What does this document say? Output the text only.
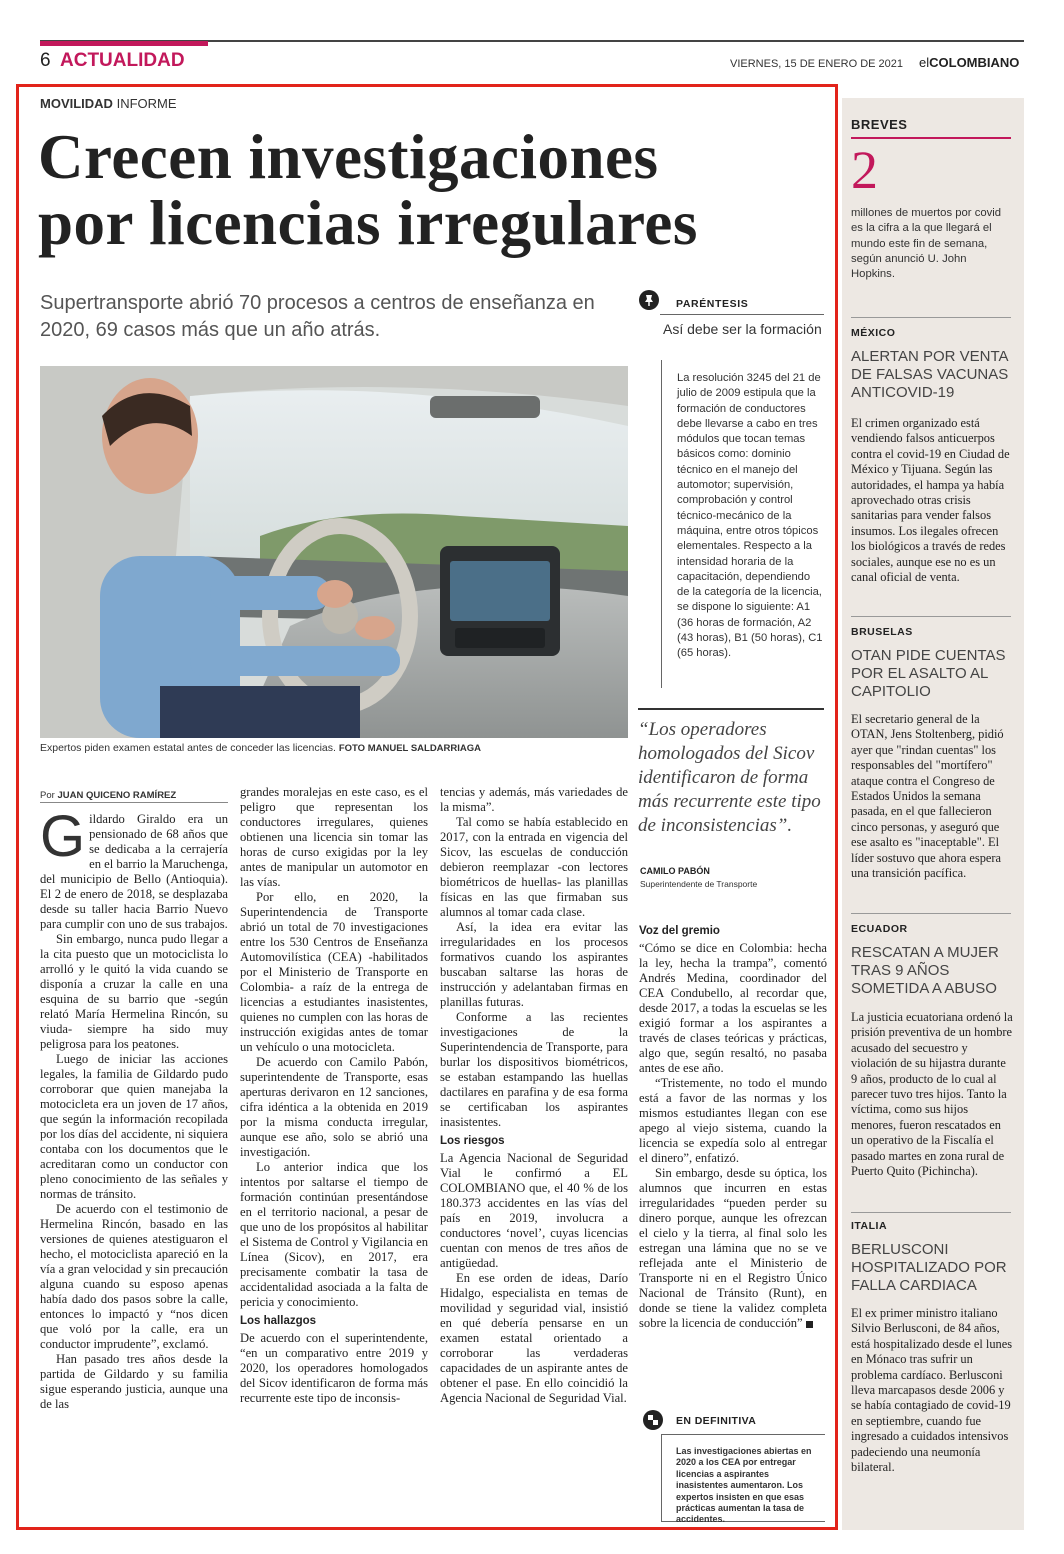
6 ACTUALIDAD	VIERNES, 15 DE ENERO DE 2021 elCOLOMBIANO
MOVILIDAD INFORME
Crecen investigaciones
por licencias irregulares
Supertransporte abrió 70 procesos a centros de enseñanza en 2020, 69 casos más que un año atrás.
Expertos piden examen estatal antes de conceder las licencias. FOTO MANUEL SALDARRIAGA
Por JUAN QUICENO RAMÍREZ

Gildardo Giraldo era un pensionado de 68 años que se dedicaba a la cerrajería en el barrio la Maruchenga, del municipio de Bello (Antioquia). El 2 de enero de 2018, se desplazaba desde su taller hacia Barrio Nuevo para cumplir con uno de sus trabajos.

Sin embargo, nunca pudo llegar a la cita puesto que un motociclista lo arrolló y le quitó la vida cuando se disponía a cruzar la calle en una esquina de su barrio que -según relató María Hermelina Rincón, su viuda- siempre ha sido muy peligrosa para los peatones.

Luego de iniciar las acciones legales, la familia de Gildardo pudo corroborar que quien manejaba la motocicleta era un joven de 17 años, que según la información recopilada por los días del accidente, ni siquiera contaba con los documentos que le acreditaran como un conductor con pleno conocimiento de las señales y normas de tránsito.

De acuerdo con el testimonio de Hermelina Rincón, basado en las versiones de quienes atestiguaron el hecho, el motociclista apareció en la vía a gran velocidad y sin precaución alguna cuando su esposo apenas había dado dos pasos sobre la calle, entonces lo impactó y “nos dicen que voló por la calle, era un conductor imprudente”, exclamó.

Han pasado tres años desde la partida de Gildardo y su familia sigue esperando justicia, aunque una de las

grandes moralejas en este caso, es el peligro que representan los conductores irregulares, quienes obtienen una licencia sin tomar las horas de curso exigidas por la ley antes de manipular un automotor en las vías.

Por ello, en 2020, la Superintendencia de Transporte abrió un total de 70 investigaciones entre los 530 Centros de Enseñanza Automovilística (CEA) -habilitados por el Ministerio de Transporte en Colombia- a raíz de la entrega de licencias a estudiantes inasistentes, quienes no cumplen con las horas de instrucción exigidas antes de tomar un vehículo o una motocicleta.

De acuerdo con Camilo Pabón, superintendente de Transporte, esas aperturas derivaron en 12 sanciones, cifra idéntica a la obtenida en 2019 por la misma conducta irregular, aunque ese año, solo se abrió una investigación.

Lo anterior indica que los intentos por saltarse el tiempo de formación continúan presentándose en el territorio nacional, a pesar de que uno de los propósitos al habilitar el Sistema de Control y Vigilancia en Línea (Sicov), en 2017, era precisamente combatir la tasa de accidentalidad asociada a la falta de pericia y conocimiento.

Los hallazgos

De acuerdo con el superintendente, “en un comparativo entre 2019 y 2020, los operadores homologados del Sicov identificaron de forma más recurrente este tipo de inconsis-

tencias y además, más variedades de la misma”.

Tal como se había establecido en 2017, con la entrada en vigencia del Sicov, las escuelas de conducción debieron reemplazar -con lectores biométricos de huellas- las planillas físicas en las que firmaban sus alumnos al tomar cada clase.

Así, la idea era evitar las irregularidades en los procesos formativos cuando los aspirantes buscaban saltarse las horas de instrucción y adelantaban firmas en planillas futuras.

Conforme a las recientes investigaciones de la Superintendencia de Transporte, para burlar los dispositivos biométricos, se estaban estampando las huellas dactilares en parafina y de esa forma se certificaban los aspirantes inasistentes.

Los riesgos

La Agencia Nacional de Seguridad Vial le confirmó a EL COLOMBIANO que, el 40 % de los 180.373 accidentes en las vías del país en 2019, involucra a conductores ‘novel’, cuyas licencias cuentan con menos de tres años de antigüedad.

En ese orden de ideas, Darío Hidalgo, especialista en temas de movilidad y seguridad vial, insistió en qué debería pensarse en un examen estatal orientado a corroborar las verdaderas capacidades de un aspirante antes de obtener el pase. En ello coincidió la Agencia Nacional de Seguridad Vial.

Voz del gremio

“Cómo se dice en Colombia: hecha la ley, hecha la trampa”, comentó Andrés Medina, coordinador del CEA Condubello, al recordar que, desde 2017, a todas la escuelas se les exigió formar a los aspirantes a través de clases teóricas y prácticas, algo que, según resaltó, no pasaba antes de ese año.

“Tristemente, no todo el mundo está a favor de las normas y los mismos estudiantes llegan con ese apego al viejo sistema, cuando la licencia se expedía solo al entregar el dinero”, enfatizó.

Sin embargo, desde su óptica, los alumnos que incurren en estas irregularidades “pueden perder su dinero porque, aunque les ofrezcan el cielo y la tierra, al final solo les estregan una lámina que no se ve reflejada ante el Ministerio de Transporte ni en el Registro Único Nacional de Tránsito (Runt), en donde se tiene la validez completa sobre la licencia de conducción”

PARÉNTESIS
Así debe ser la formación
La resolución 3245 del 21 de julio de 2009 estipula que la formación de conductores debe llevarse a cabo en tres módulos que tocan temas básicos como: dominio técnico en el manejo del automotor; supervisión, comprobación y control técnico-mecánico de la máquina, entre otros tópicos elementales. Respecto a la intensidad horaria de la capacitación, dependiendo de la categoría de la licencia, se dispone lo siguiente: A1 (36 horas de formación, A2 (43 horas), B1 (50 horas), C1 (65 horas).
“Los operadores homologados del Sicov identificaron de forma más recurrente este tipo de inconsistencias”.
CAMILO PABÓN
Superintendente de Transporte
EN DEFINITIVA
Las investigaciones abiertas en 2020 a los CEA por entregar licencias a aspirantes inasistentes aumentaron. Los expertos insisten en que esas prácticas aumentan la tasa de accidentes.
BREVES
2
millones de muertos por covid es la cifra a la que llegará el mundo este fin de semana, según anunció U. John Hopkins.
MÉXICO
ALERTAN POR VENTA DE FALSAS VACUNAS ANTICOVID-19
El crimen organizado está vendiendo falsos anticuerpos contra el covid-19 en Ciudad de México y Tijuana. Según las autoridades, el hampa ya había aprovechado otras crisis sanitarias para vender falsos insumos. Los ilegales ofrecen los biológicos a través de redes sociales, aunque ese no es un canal oficial de venta.
BRUSELAS
OTAN PIDE CUENTAS POR EL ASALTO AL CAPITOLIO
El secretario general de la OTAN, Jens Stoltenberg, pidió ayer que "rindan cuentas" los responsables del "mortífero" ataque contra el Congreso de Estados Unidos la semana pasada, en el que fallecieron cinco personas, y aseguró que ese asalto es "inaceptable". El líder sostuvo que ahora espera una transición pacífica.
ECUADOR
RESCATAN A MUJER TRAS 9 AÑOS SOMETIDA A ABUSO
La justicia ecuatoriana ordenó la prisión preventiva de un hombre acusado del secuestro y violación de su hijastra durante 9 años, producto de lo cual al parecer tuvo tres hijos. Tanto la víctima, como sus hijos menores, fueron rescatados en un operativo de la Fiscalía el pasado martes en zona rural de Puerto Quito (Pichincha).
ITALIA
BERLUSCONI HOSPITALIZADO POR FALLA CARDIACA
El ex primer ministro italiano Silvio Berlusconi, de 84 años, está hospitalizado desde el lunes en Mónaco tras sufrir un problema cardíaco. Berlusconi lleva marcapasos desde 2006 y se había contagiado de covid-19 en septiembre, cuando fue ingresado a cuidados intensivos padeciendo una neumonía bilateral.
